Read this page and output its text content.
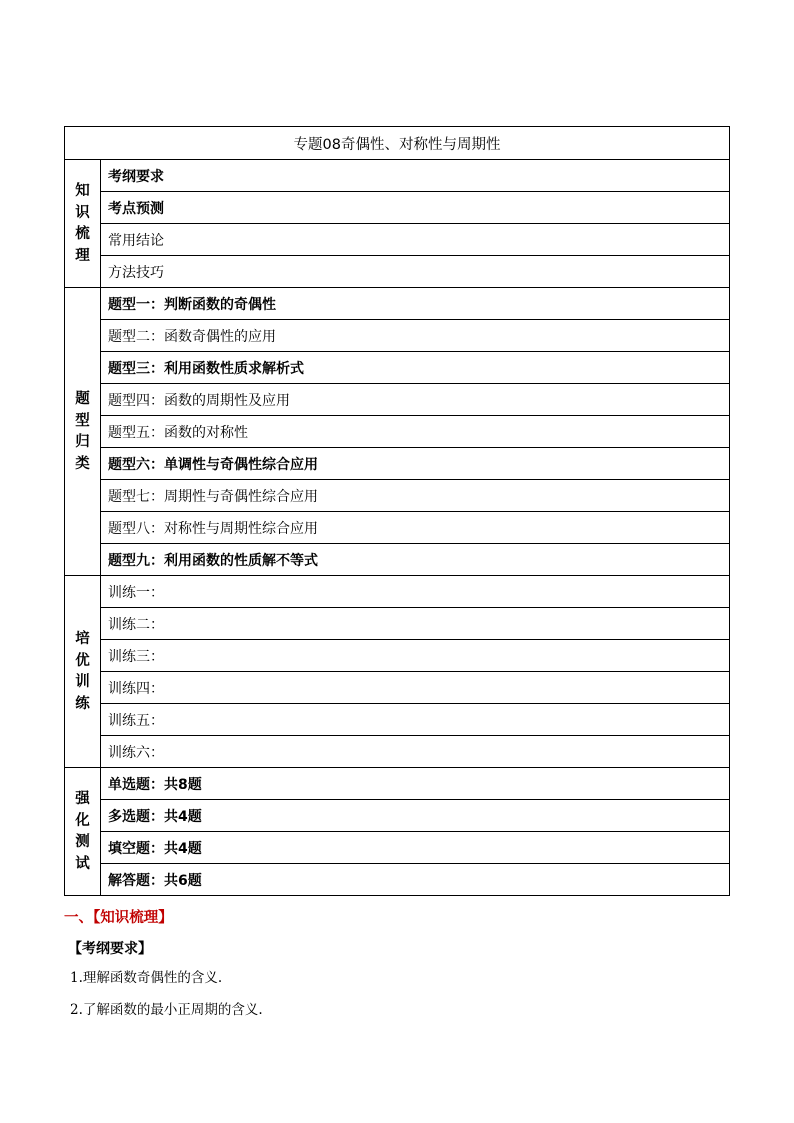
专题08奇偶性、对称性与周期性	

知
识
梳
理	考纲要求
	考点预测
	常用结论
	方法技巧

题
型
归
类	题型一：判断函数的奇偶性
	题型二：函数奇偶性的应用
	题型三：利用函数性质求解析式
	题型四：函数的周期性及应用
	题型五：函数的对称性
	题型六：单调性与奇偶性综合应用
	题型七：周期性与奇偶性综合应用
	题型八：对称性与周期性综合应用
	题型九：利用函数的性质解不等式

培
优
训
练	训练一：
	训练二：
	训练三：
	训练四：
	训练五：
	训练六：

强
化
测
试	单选题：共8题
	多选题：共4题
	填空题：共4题
	解答题：共6题
一、【知识梳理】
【考纲要求】
1.理解函数奇偶性的含义.
2.了解函数的最小正周期的含义.
